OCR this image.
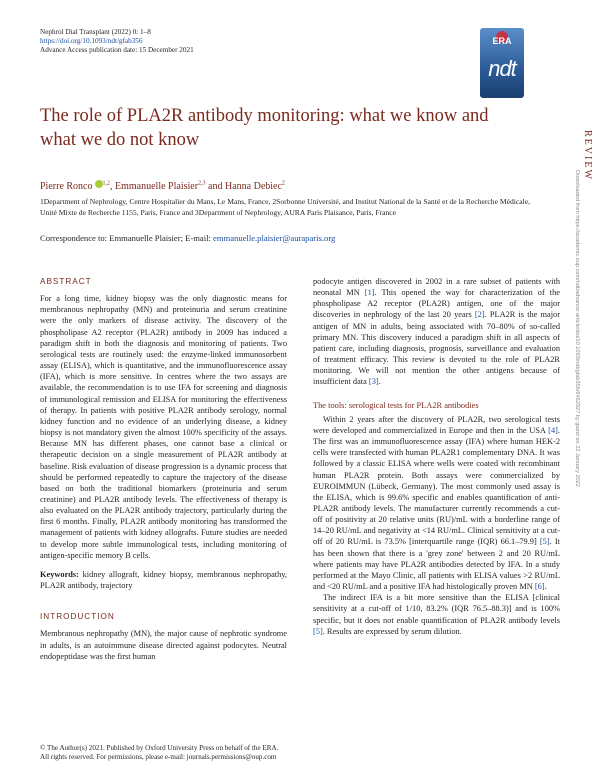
Nephrol Dial Transplant (2022) 0: 1–8
https://doi.org/10.1093/ndt/gfab356
Advance Access publication date: 15 December 2021
ERA
ndt
REVIEW
Downloaded from https://academic.oup.com/ndt/advance-article/doi/10.1093/ndt/gfab356/6462927 by guest on 22 January 2022
The role of PLA2R antibody monitoring: what we know and what we do not know
Pierre Ronco $^{1,2}$, Emmanuelle Plaisier$^{2,3}$ and Hanna Debiec$^2$
1Department of Nephrology, Centre Hospitalier du Mans, Le Mans, France, 2Sorbonne Université, and Institut National de la Santé et de la Recherche Médicale, Unité Mixte de Recherche 1155, Paris, France and 3Department of Nephrology, AURA Paris Plaisance, Paris, France
Correspondence to: Emmanuelle Plaisier; E-mail: emmanuelle.plaisier@auraparis.org
ABSTRACT

For a long time, kidney biopsy was the only diagnostic means for membranous nephropathy (MN) and proteinuria and serum creatinine were the only markers of disease activity. The discovery of the phospholipase A2 receptor (PLA2R) antibody in 2009 has induced a paradigm shift in both the diagnosis and monitoring of patients. Two serological tests are routinely used: the enzyme-linked immunosorbent assay (ELISA), which is quantitative, and the immunofluorescence assay (IFA), which is more sensitive. In centres where the two assays are available, the recommendation is to use IFA for screening and diagnosis of immunological remission and ELISA for monitoring the effectiveness of therapy. In patients with positive PLA2R antibody serology, normal kidney function and no evidence of an underlying disease, a kidney biopsy is not mandatory given the almost 100% specificity of the assays. Because MN has different phases, one cannot base a clinical or therapeutic decision on a single measurement of PLA2R antibody at baseline. Risk evaluation of disease progression is a dynamic process that should be performed repeatedly to capture the trajectory of the disease based on both the traditional biomarkers (proteinuria and serum creatinine) and PLA2R antibody levels. The effectiveness of therapy is also evaluated on the PLA2R antibody trajectory, particularly during the first 6 months. Finally, PLA2R antibody monitoring has transformed the management of patients with kidney allografts. Future studies are needed to develop more subtle immunological tests, including monitoring of antigen-specific memory B cells.

Keywords: kidney allograft, kidney biopsy, membranous nephropathy, PLA2R antibody, trajectory

INTRODUCTION

Membranous nephropathy (MN), the major cause of nephrotic syndrome in adults, is an autoimmune disease directed against podocytes. Neutral endopeptidase was the first human

podocyte antigen discovered in 2002 in a rare subset of patients with neonatal MN [1]. This opened the way for characterization of the phospholipase A2 receptor (PLA2R) antigen, one of the major discoveries in nephrology of the last 20 years [2]. PLA2R is the major antigen of MN in adults, being associated with 70–80% of so-called primary MN. This discovery induced a paradigm shift in all aspects of patient care, including diagnosis, prognosis, surveillance and evaluation of treatment efficacy. This review is devoted to the role of PLA2R monitoring. We will not mention the other antigens because of insufficient data [3].

The tools: serological tests for PLA2R antibodies

Within 2 years after the discovery of PLA2R, two serological tests were developed and commercialized in Europe and then in the USA [4]. The first was an immunofluorescence assay (IFA) where human HEK-2 cells were transfected with human PLA2R1 complementary DNA. It was followed by a classic ELISA where wells were coated with recombinant human PLA2R protein. Both assays were commercialized by EUROIMMUN (Lübeck, Germany). The most commonly used assay is the ELISA, which is 99.6% specific and enables quantification of anti-PLA2R antibody levels. The manufacturer currently recommends a cut-off of positivity at 20 relative units (RU)/mL with a borderline range of 14–20 RU/mL and negativity at <14 RU/mL. Clinical sensitivity at a cut-off of 20 RU/mL is 73.5% [interquartile range (IQR) 66.1–79.9] [5]. It has been shown that there is a 'grey zone' between 2 and 20 RU/mL where patients may have PLA2R antibodies detected by IFA. In a study performed at the Mayo Clinic, all patients with ELISA values >2 RU/mL and <20 RU/mL and a positive IFA had histologically proven MN [6].

The indirect IFA is a bit more sensitive than the ELISA [clinical sensitivity at a cut-off of 1/10, 83.2% (IQR 76.5–88.3)] and is 100% specific, but it does not enable quantification of PLA2R antibody levels [5]. Results are expressed by serum dilution.

© The Author(s) 2021. Published by Oxford University Press on behalf of the ERA.
All rights reserved. For permissions, please e-mail: journals.permissions@oup.com
